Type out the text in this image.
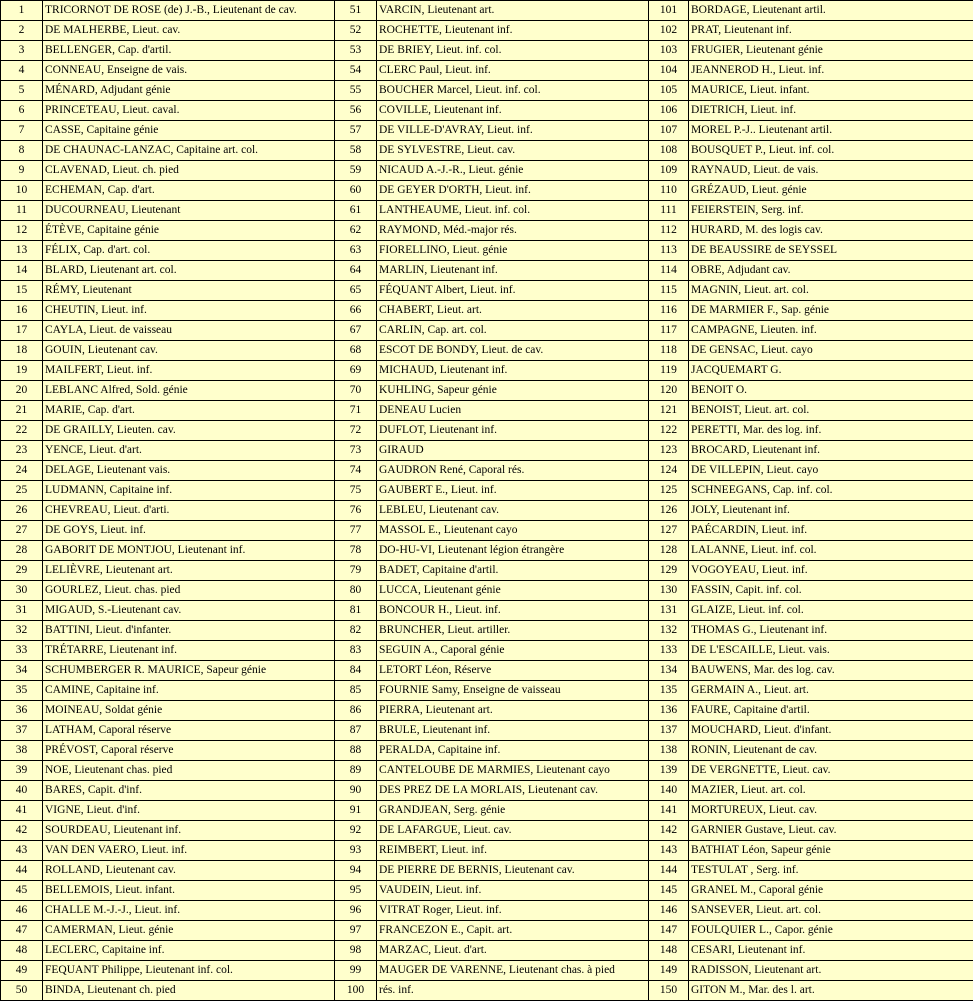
1	TRICORNOT DE ROSE (de) J.-B., Lieutenant de cav.	51	VARCIN, Lieutenant art.	101	BORDAGE, Lieutenant artil.
2	DE MALHERBE, Lieut. cav.	52	ROCHETTE, Lieutenant inf.	102	PRAT, Lieutenant inf.
3	BELLENGER, Cap. d'artil.	53	DE BRIEY, Lieut. inf. col.	103	FRUGIER, Lieutenant génie
4	CONNEAU, Enseigne de vais.	54	CLERC Paul, Lieut. inf.	104	JEANNEROD H., Lieut. inf.
5	MÉNARD, Adjudant génie	55	BOUCHER Marcel, Lieut. inf. col.	105	MAURICE, Lieut. infant.
6	PRINCETEAU, Lieut. caval.	56	COVILLE, Lieutenant inf.	106	DIETRICH, Lieut. inf.
7	CASSE, Capitaine génie	57	DE VILLE-D'AVRAY, Lieut. inf.	107	MOREL P.-J.. Lieutenant artil.
8	DE CHAUNAC-LANZAC, Capitaine art. col.	58	DE SYLVESTRE, Lieut. cav.	108	BOUSQUET P., Lieut. inf. col.
9	CLAVENAD, Lieut. ch. pied	59	NICAUD A.-J.-R., Lieut. génie	109	RAYNAUD, Lieut. de vais.
10	ECHEMAN, Cap. d'art.	60	DE GEYER D'ORTH, Lieut. inf.	110	GRÉZAUD, Lieut. génie
11	DUCOURNEAU, Lieutenant	61	LANTHEAUME, Lieut. inf. col.	111	FEIERSTEIN, Serg. inf.
12	ÉTÈVE, Capitaine génie	62	RAYMOND, Méd.-major rés.	112	HURARD, M. des logis cav.
13	FÉLIX, Cap. d'art. col.	63	FIORELLINO, Lieut. génie	113	DE BEAUSSIRE de SEYSSEL
14	BLARD, Lieutenant art. col.	64	MARLIN, Lieutenant inf.	114	OBRE, Adjudant cav.
15	RÉMY, Lieutenant	65	FÉQUANT Albert, Lieut. inf.	115	MAGNIN, Lieut. art. col.
16	CHEUTIN, Lieut. inf.	66	CHABERT, Lieut. art.	116	DE MARMIER F., Sap. génie
17	CAYLA, Lieut. de vaisseau	67	CARLIN, Cap. art. col.	117	CAMPAGNE, Lieuten. inf.
18	GOUIN, Lieutenant cav.	68	ESCOT DE BONDY, Lieut. de cav.	118	DE GENSAC, Lieut. cayo
19	MAILFERT, Lieut. inf.	69	MICHAUD, Lieutenant inf.	119	JACQUEMART G.
20	LEBLANC Alfred, Sold. génie	70	KUHLING, Sapeur génie	120	BENOIT O.
21	MARIE, Cap. d'art.	71	DENEAU Lucien	121	BENOIST, Lieut. art. col.
22	DE GRAILLY, Lieuten. cav.	72	DUFLOT, Lieutenant inf.	122	PERETTI, Mar. des log. inf.
23	YENCE, Lieut. d'art.	73	GIRAUD	123	BROCARD, Lieutenant inf.
24	DELAGE, Lieutenant vais.	74	GAUDRON René, Caporal rés.	124	DE VILLEPIN, Lieut. cayo
25	LUDMANN, Capitaine inf.	75	GAUBERT E., Lieut. inf.	125	SCHNEEGANS, Cap. inf. col.
26	CHEVREAU, Lieut. d'arti.	76	LEBLEU, Lieutenant cav.	126	JOLY, Lieutenant inf.
27	DE GOYS, Lieut. inf.	77	MASSOL E., Lieutenant cayo	127	PAÉCARDIN, Lieut. inf.
28	GABORIT DE MONTJOU, Lieutenant inf.	78	DO-HU-VI, Lieutenant légion étrangère	128	LALANNE, Lieut. inf. col.
29	LELIÈVRE, Lieutenant art.	79	BADET, Capitaine d'artil.	129	VOGOYEAU, Lieut. inf.
30	GOURLEZ, Lieut. chas. pied	80	LUCCA, Lieutenant génie	130	FASSIN, Capit. inf. col.
31	MIGAUD, S.-Lieutenant cav.	81	BONCOUR H., Lieut. inf.	131	GLAIZE, Lieut. inf. col.
32	BATTINI, Lieut. d'infanter.	82	BRUNCHER, Lieut. artiller.	132	THOMAS G., Lieutenant inf.
33	TRÉTARRE, Lieutenant inf.	83	SEGUIN A., Caporal génie	133	DE L'ESCAILLE, Lieut. vais.
34	SCHUMBERGER R. MAURICE, Sapeur génie	84	LETORT Léon, Réserve	134	BAUWENS, Mar. des log. cav.
35	CAMINE, Capitaine inf.	85	FOURNIE Samy, Enseigne de vaisseau	135	GERMAIN A., Lieut. art.
36	MOINEAU, Soldat génie	86	PIERRA, Lieutenant art.	136	FAURE, Capitaine d'artil.
37	LATHAM, Caporal réserve	87	BRULE, Lieutenant inf.	137	MOUCHARD, Lieut. d'infant.
38	PRÉVOST, Caporal réserve	88	PERALDA, Capitaine inf.	138	RONIN, Lieutenant de cav.
39	NOE, Lieutenant chas. pied	89	CANTELOUBE DE MARMIES, Lieutenant cayo	139	DE VERGNETTE, Lieut. cav.
40	BARES, Capit. d'inf.	90	DES PREZ DE LA MORLAIS, Lieutenant cav.	140	MAZIER, Lieut. art. col.
41	VIGNE, Lieut. d'inf.	91	GRANDJEAN, Serg. génie	141	MORTUREUX, Lieut. cav.
42	SOURDEAU, Lieutenant inf.	92	DE LAFARGUE, Lieut. cav.	142	GARNIER Gustave, Lieut. cav.
43	VAN DEN VAERO, Lieut. inf.	93	REIMBERT, Lieut. inf.	143	BATHIAT Léon, Sapeur génie
44	ROLLAND, Lieutenant cav.	94	DE PIERRE DE BERNIS, Lieutenant cav.	144	TESTULAT , Serg. inf.
45	BELLEMOIS, Lieut. infant.	95	VAUDEIN, Lieut. inf.	145	GRANEL M., Caporal génie
46	CHALLE M.-J.-J., Lieut. inf.	96	VITRAT Roger, Lieut. inf.	146	SANSEVER, Lieut. art. col.
47	CAMERMAN, Lieut. génie	97	FRANCEZON E., Capit. art.	147	FOULQUIER L., Capor. génie
48	LECLERC, Capitaine inf.	98	MARZAC, Lieut. d'art.	148	CESARI, Lieutenant inf.
49	FEQUANT Philippe, Lieutenant inf. col.	99	MAUGER DE VARENNE, Lieutenant chas. à pied	149	RADISSON, Lieutenant art.
50	BINDA, Lieutenant ch. pied	100	rés. inf.	150	GITON M., Mar. des l. art.
